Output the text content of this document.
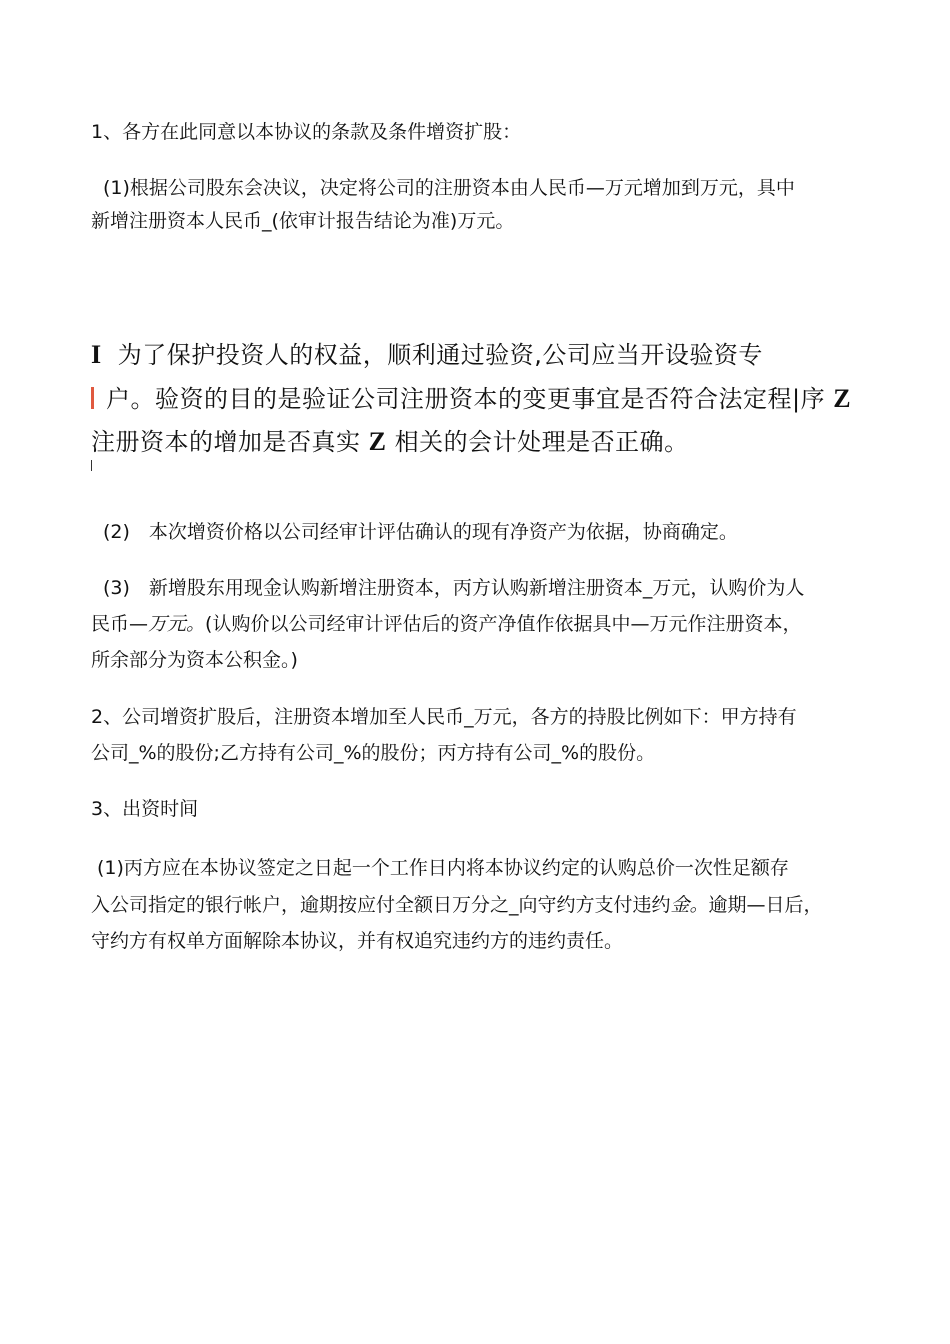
1、各方在此同意以本协议的条款及条件增资扩股：
(1)根据公司股东会决议，决定将公司的注册资本由人民币—万元增加到万元，具中
新增注册资本人民币_(依审计报告结论为准)万元。
I 为了保护投资人的权益，顺利通过验资,公司应当开设验资专
户。验资的目的是验证公司注册资本的变更事宜是否符合法定程|序 Z
注册资本的增加是否真实 Z 相关的会计处理是否正确。
(2)　本次增资价格以公司经审计评估确认的现有净资产为依据，协商确定。
(3)　新增股东用现金认购新增注册资本，丙方认购新增注册资本_万元，认购价为人
民币—万元。(认购价以公司经审计评估后的资产净值作依据具中—万元作注册资本，
所余部分为资本公积金。)
2、公司增资扩股后，注册资本增加至人民币_万元，各方的持股比例如下：甲方持有
公司_%的股份;乙方持有公司_%的股份；丙方持有公司_%的股份。
3、出资时间
(1)丙方应在本协议签定之日起一个工作日内将本协议约定的认购总价一次性足额存
入公司指定的银行帐户，逾期按应付全额日万分之_向守约方支付违约金。逾期—日后，
守约方有权单方面解除本协议，并有权追究违约方的违约责任。
